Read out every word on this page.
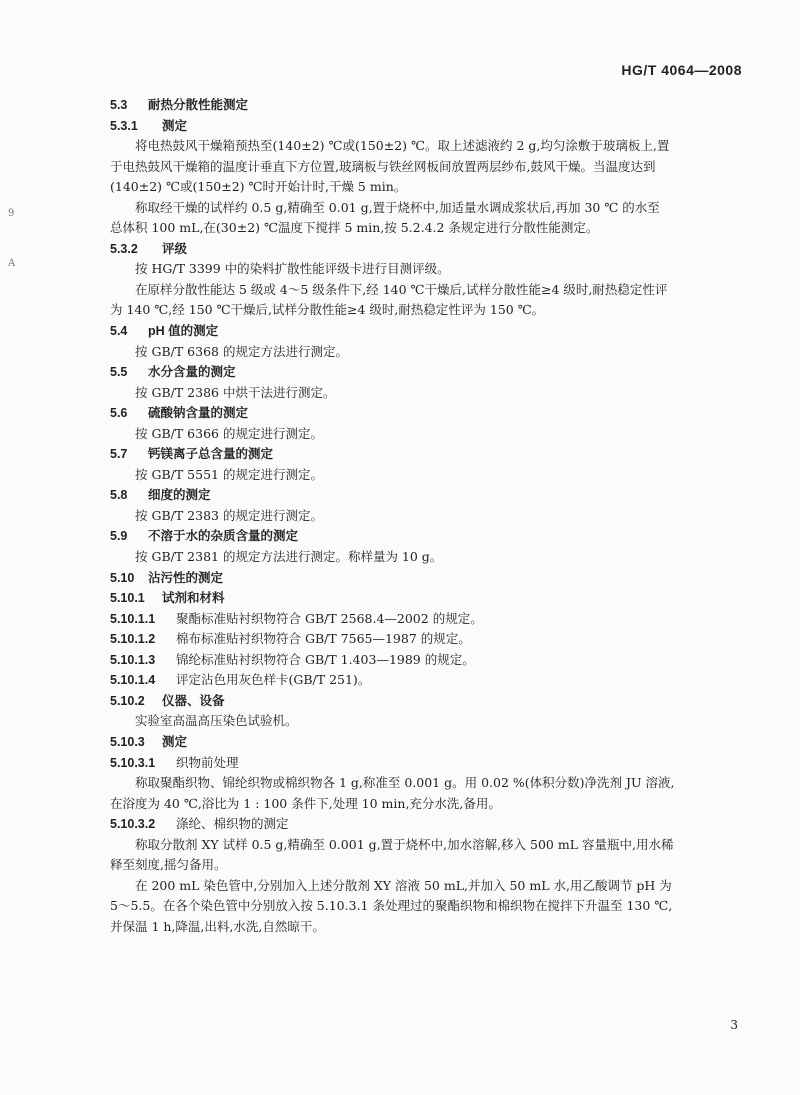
HG/T 4064—2008
9
A
5.3 耐热分散性能测定
5.3.1 测定
将电热鼓风干燥箱预热至(140±2) ℃或(150±2) ℃。取上述滤液约 2 g,均匀涂敷于玻璃板上,置
于电热鼓风干燥箱的温度计垂直下方位置,玻璃板与铁丝网板间放置两层纱布,鼓风干燥。当温度达到
(140±2) ℃或(150±2) ℃时开始计时,干燥 5 min。
称取经干燥的试样约 0.5 g,精确至 0.01 g,置于烧杯中,加适量水调成浆状后,再加 30 ℃ 的水至
总体积 100 mL,在(30±2) ℃温度下搅拌 5 min,按 5.2.4.2 条规定进行分散性能测定。
5.3.2 评级
按 HG/T 3399 中的染料扩散性能评级卡进行目测评级。
在原样分散性能达 5 级或 4～5 级条件下,经 140 ℃干燥后,试样分散性能≥4 级时,耐热稳定性评
为 140 ℃,经 150 ℃干燥后,试样分散性能≥4 级时,耐热稳定性评为 150 ℃。
5.4 pH 值的测定
按 GB/T 6368 的规定方法进行测定。
5.5 水分含量的测定
按 GB/T 2386 中烘干法进行测定。
5.6 硫酸钠含量的测定
按 GB/T 6366 的规定进行测定。
5.7 钙镁离子总含量的测定
按 GB/T 5551 的规定进行测定。
5.8 细度的测定
按 GB/T 2383 的规定进行测定。
5.9 不溶于水的杂质含量的测定
按 GB/T 2381 的规定方法进行测定。称样量为 10 g。
5.10 沾污性的测定
5.10.1 试剂和材料
5.10.1.1 聚酯标准贴衬织物符合 GB/T 2568.4—2002 的规定。
5.10.1.2 棉布标准贴衬织物符合 GB/T 7565—1987 的规定。
5.10.1.3 锦纶标准贴衬织物符合 GB/T 1.403—1989 的规定。
5.10.1.4 评定沾色用灰色样卡(GB/T 251)。
5.10.2 仪器、设备
实验室高温高压染色试验机。
5.10.3 测定
5.10.3.1 织物前处理
称取聚酯织物、锦纶织物或棉织物各 1 g,称准至 0.001 g。用 0.02 %(体积分数)净洗剂 JU 溶液,
在浴度为 40 ℃,浴比为 1 : 100 条件下,处理 10 min,充分水洗,备用。
5.10.3.2 涤纶、棉织物的测定
称取分散剂 XY 试样 0.5 g,精确至 0.001 g,置于烧杯中,加水溶解,移入 500 mL 容量瓶中,用水稀
释至刻度,摇匀备用。
在 200 mL 染色管中,分别加入上述分散剂 XY 溶液 50 mL,并加入 50 mL 水,用乙酸调节 pH 为
5～5.5。在各个染色管中分别放入按 5.10.3.1 条处理过的聚酯织物和棉织物在搅拌下升温至 130 ℃,
并保温 1 h,降温,出料,水洗,自然晾干。
3
